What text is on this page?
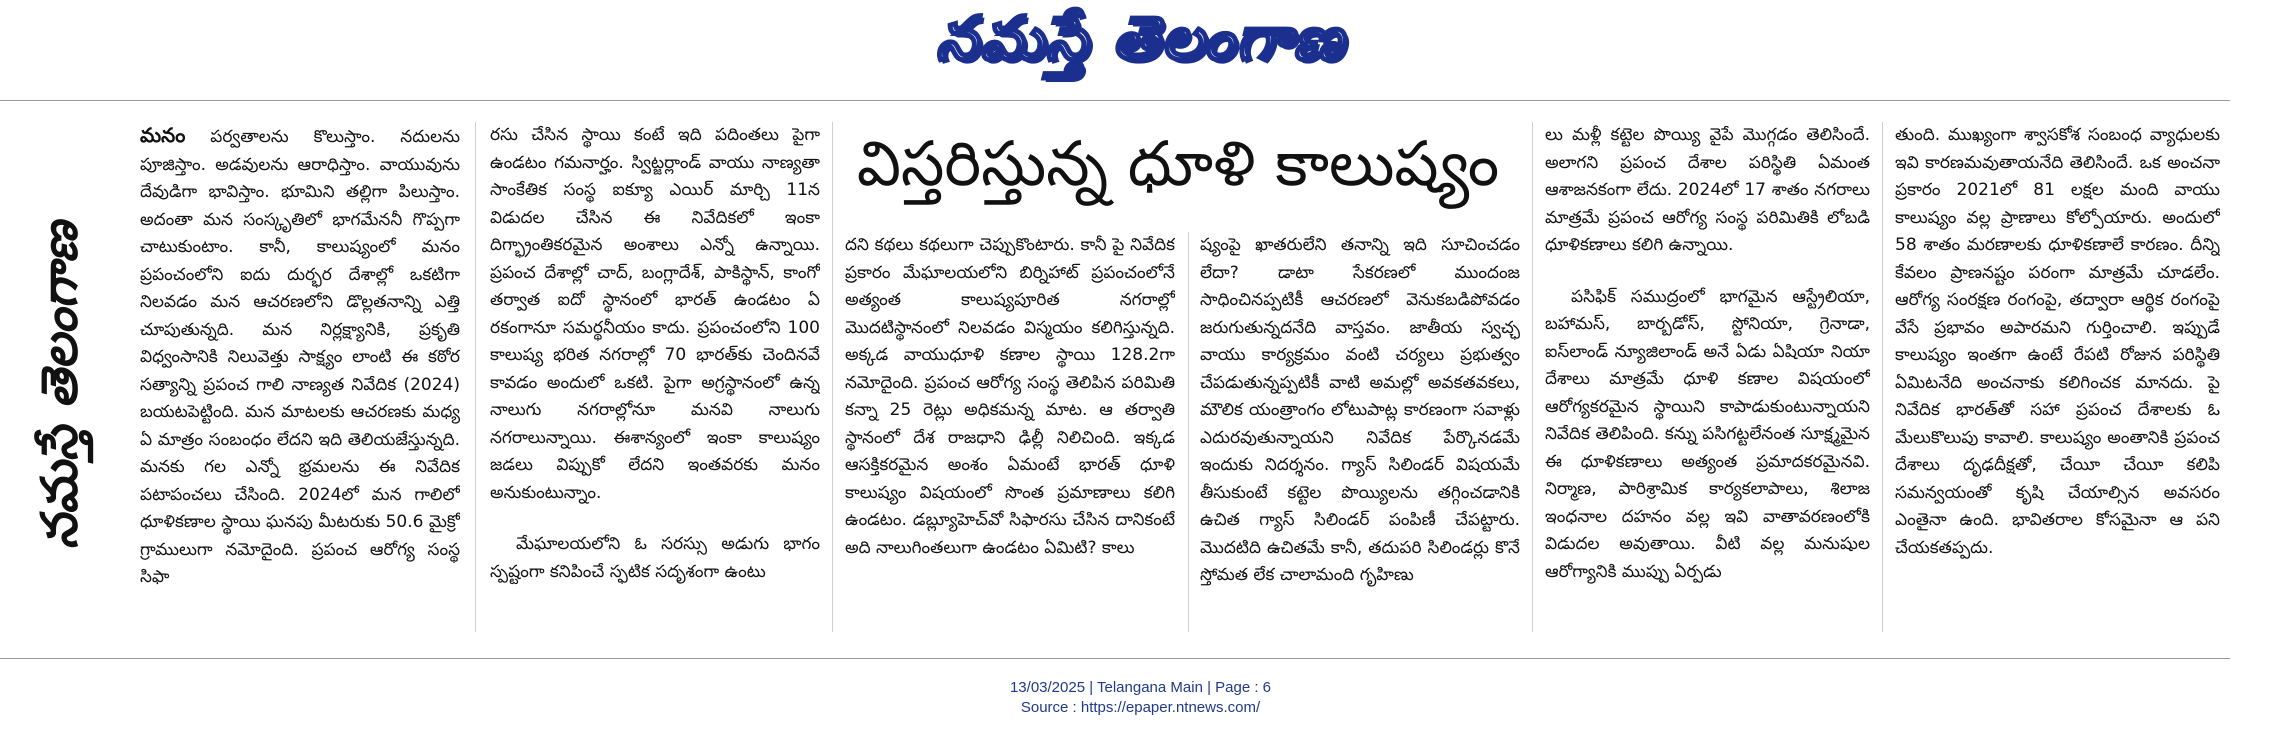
నమస్తే తెలంగాణ
నమస్తే తెలంగాణ

మనం పర్వతాలను కొలుస్తాం. నదులను పూజిస్తాం. అడవులను ఆరాధిస్తాం. వాయువును దేవుడిగా భావిస్తాం. భూమిని తల్లిగా పిలుస్తాం. అదంతా మన సంస్కృతిలో భాగమేననీ గొప్పగా చాటుకుంటాం. కానీ, కాలుష్యంలో మనం ప్రపంచంలోని ఐదు దుర్భర దేశాల్లో ఒకటిగా నిలవడం మన ఆచరణలోని డొల్లతనాన్ని ఎత్తి చూపుతున్నది. మన నిర్లక్ష్యానికి, ప్రకృతి విధ్వంసానికి నిలువెత్తు సాక్ష్యం లాంటి ఈ కఠోర సత్యాన్ని ప్రపంచ గాలి నాణ్యత నివేదిక (2024) బయటపెట్టింది. మన మాటలకు ఆచరణకు మధ్య ఏ మాత్రం సంబంధం లేదని ఇది తెలియజేస్తున్నది. మనకు గల ఎన్నో భ్రమలను ఈ నివేదిక పటాపంచలు చేసింది. 2024లో మన గాలిలో ధూళికణాల స్థాయి ఘనపు మీటరుకు 50.6 మైక్రో గ్రాములుగా నమోదైంది. ప్రపంచ ఆరోగ్య సంస్థ సిఫా

రసు చేసిన స్థాయి కంటే ఇది పదింతలు పైగా ఉండటం గమనార్హం. స్విట్జర్లాండ్ వాయు నాణ్యతా సాంకేతిక సంస్థ ఐక్యూ ఎయిర్ మార్చి 11న విడుదల చేసిన ఈ నివేదికలో ఇంకా దిగ్భ్రాంతికరమైన అంశాలు ఎన్నో ఉన్నాయి. ప్రపంచ దేశాల్లో చాద్, బంగ్లాదేశ్, పాకిస్థాన్, కాంగో తర్వాత ఐదో స్థానంలో భారత్ ఉండటం ఏ రకంగానూ సమర్థనీయం కాదు. ప్రపంచంలోని 100 కాలుష్య భరిత నగరాల్లో 70 భారత్‌కు చెందినవే కావడం అందులో ఒకటి. పైగా అగ్రస్థానంలో ఉన్న నాలుగు నగరాల్లోనూ మనవి నాలుగు నగరాలున్నాయి. ఈశాన్యంలో ఇంకా కాలుష్యం జడలు విప్పుకో లేదని ఇంతవరకు మనం అనుకుంటున్నాం.

మేఘాలయలోని ఓ సరస్సు అడుగు భాగం స్పష్టంగా కనిపించే స్ఫటిక సదృశంగా ఉంటు

విస్తరిస్తున్న ధూళి కాలుష్యం

దని కథలు కథలుగా చెప్పుకొంటారు. కానీ పై నివేదిక ప్రకారం మేఘాలయలోని బిర్నిహాట్ ప్రపంచంలోనే అత్యంత కాలుష్యపూరిత నగరాల్లో మొదటిస్థానంలో నిలవడం విస్మయం కలిగిస్తున్నది. అక్కడ వాయుధూళి కణాల స్థాయి 128.2గా నమోదైంది. ప్రపంచ ఆరోగ్య సంస్థ తెలిపిన పరిమితి కన్నా 25 రెట్లు అధికమన్న మాట. ఆ తర్వాతి స్థానంలో దేశ రాజధాని ఢిల్లీ నిలిచింది. ఇక్కడ ఆసక్తికరమైన అంశం ఏమంటే భారత్ ధూళి కాలుష్యం విషయంలో సొంత ప్రమాణాలు కలిగి ఉండటం. డబ్ల్యూహెచ్‌వో సిఫారసు చేసిన దానికంటే అది నాలుగింతలుగా ఉండటం ఏమిటి? కాలు

ష్యంపై ఖాతరులేని తనాన్ని ఇది సూచించడం లేదా? డాటా సేకరణలో ముందంజ సాధించినప్పటికీ ఆచరణలో వెనుకబడిపోవడం జరుగుతున్నదనేది వాస్తవం. జాతీయ స్వచ్ఛ వాయు కార్యక్రమం వంటి చర్యలు ప్రభుత్వం చేపడుతున్నప్పటికీ వాటి అమల్లో అవకతవకలు, మౌలిక యంత్రాంగం లోటుపాట్ల కారణంగా సవాళ్లు ఎదురవుతున్నాయని నివేదిక పేర్కొనడమే ఇందుకు నిదర్శనం. గ్యాస్ సిలిండర్ విషయమే తీసుకుంటే కట్టెల పొయ్యిలను తగ్గించడానికి ఉచిత గ్యాస్ సిలిండర్ పంపిణీ చేపట్టారు. మొదటిది ఉచితమే కానీ, తదుపరి సిలిండర్లు కొనే స్తోమత లేక చాలామంది గృహిణు

లు మళ్లీ కట్టెల పొయ్యి వైపే మొగ్గడం తెలిసిందే. అలాగని ప్రపంచ దేశాల పరిస్థితి ఏమంత ఆశాజనకంగా లేదు. 2024లో 17 శాతం నగరాలు మాత్రమే ప్రపంచ ఆరోగ్య సంస్థ పరిమితికి లోబడి ధూళికణాలు కలిగి ఉన్నాయి.

పసిఫిక్ సముద్రంలో భాగమైన ఆస్ట్రేలియా, బహామస్, బార్బడోస్, స్టోనియా, గ్రెనాడా, ఐస్‌లాండ్ న్యూజిలాండ్ అనే ఏడు ఏషియా నియా దేశాలు మాత్రమే ధూళి కణాల విషయంలో ఆరోగ్యకరమైన స్థాయిని కాపాడుకుంటున్నాయని నివేదిక తెలిపింది. కన్ను పసిగట్టలేనంత సూక్ష్మమైన ఈ ధూళికణాలు అత్యంత ప్రమాదకరమైనవి. నిర్మాణ, పారిశ్రామిక కార్యకలాపాలు, శిలాజ ఇంధనాల దహనం వల్ల ఇవి వాతావరణంలోకి విడుదల అవుతాయి. వీటి వల్ల మనుషుల ఆరోగ్యానికి ముప్పు ఏర్పడు

తుంది. ముఖ్యంగా శ్వాసకోశ సంబంధ వ్యాధులకు ఇవి కారణమవుతాయనేది తెలిసిందే. ఒక అంచనా ప్రకారం 2021లో 81 లక్షల మంది వాయు కాలుష్యం వల్ల ప్రాణాలు కోల్పోయారు. అందులో 58 శాతం మరణాలకు ధూళికణాలే కారణం. దీన్ని కేవలం ప్రాణనష్టం పరంగా మాత్రమే చూడలేం. ఆరోగ్య సంరక్షణ రంగంపై, తద్వారా ఆర్థిక రంగంపై వేసే ప్రభావం అపారమని గుర్తించాలి. ఇప్పుడే కాలుష్యం ఇంతగా ఉంటే రేపటి రోజున పరిస్థితి ఏమిటనేది అంచనాకు కలిగించక మానదు. పై నివేదిక భారత్‌తో సహా ప్రపంచ దేశాలకు ఓ మేలుకొలుపు కావాలి. కాలుష్యం అంతానికి ప్రపంచ దేశాలు దృఢదీక్షతో, చేయీ చేయీ కలిపి సమన్వయంతో కృషి చేయాల్సిన అవసరం ఎంతైనా ఉంది. భావితరాల కోసమైనా ఆ పని చేయకతప్పదు.

13/03/2025 | Telangana Main | Page : 6
Source : https://epaper.ntnews.com/
